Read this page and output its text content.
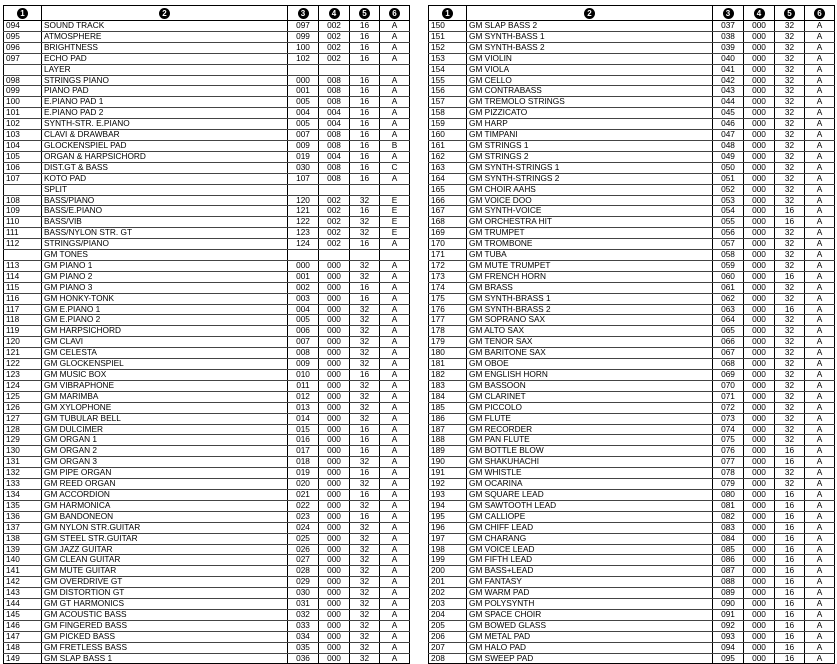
1	2	3	4	5	6
094	SOUND TRACK	097	002	16	A
095	ATMOSPHERE	099	002	16	A
096	BRIGHTNESS	100	002	16	A
097	ECHO PAD	102	002	16	A
	LAYER				
098	STRINGS PIANO	000	008	16	A
099	PIANO PAD	001	008	16	A
100	E.PIANO PAD 1	005	008	16	A
101	E.PIANO PAD 2	004	004	16	A
102	SYNTH-STR. E.PIANO	005	004	16	A
103	CLAVI & DRAWBAR	007	008	16	A
104	GLOCKENSPIEL PAD	009	008	16	B
105	ORGAN & HARPSICHORD	019	004	16	A
106	DIST.GT & BASS	030	008	16	C
107	KOTO PAD	107	008	16	A
	SPLIT				
108	BASS/PIANO	120	002	32	E
109	BASS/E.PIANO	121	002	16	E
110	BASS/VIB	122	002	32	E
111	BASS/NYLON STR. GT	123	002	32	E
112	STRINGS/PIANO	124	002	16	A
	GM TONES				
113	GM PIANO 1	000	000	32	A
114	GM PIANO 2	001	000	32	A
115	GM PIANO 3	002	000	16	A
116	GM HONKY-TONK	003	000	16	A
117	GM E.PIANO 1	004	000	32	A
118	GM E.PIANO 2	005	000	32	A
119	GM HARPSICHORD	006	000	32	A
120	GM CLAVI	007	000	32	A
121	GM CELESTA	008	000	32	A
122	GM GLOCKENSPIEL	009	000	32	A
123	GM MUSIC BOX	010	000	16	A
124	GM VIBRAPHONE	011	000	32	A
125	GM MARIMBA	012	000	32	A
126	GM XYLOPHONE	013	000	32	A
127	GM TUBULAR BELL	014	000	32	A
128	GM DULCIMER	015	000	16	A
129	GM ORGAN 1	016	000	16	A
130	GM ORGAN 2	017	000	16	A
131	GM ORGAN 3	018	000	32	A
132	GM PIPE ORGAN	019	000	16	A
133	GM REED ORGAN	020	000	32	A
134	GM ACCORDION	021	000	16	A
135	GM HARMONICA	022	000	32	A
136	GM BANDONEON	023	000	16	A
137	GM NYLON STR.GUITAR	024	000	32	A
138	GM STEEL STR.GUITAR	025	000	32	A
139	GM JAZZ GUITAR	026	000	32	A
140	GM CLEAN GUITAR	027	000	32	A
141	GM MUTE GUITAR	028	000	32	A
142	GM OVERDRIVE GT	029	000	32	A
143	GM DISTORTION GT	030	000	32	A
144	GM GT HARMONICS	031	000	32	A
145	GM ACOUSTIC BASS	032	000	32	A
146	GM FINGERED BASS	033	000	32	A
147	GM PICKED BASS	034	000	32	A
148	GM FRETLESS BASS	035	000	32	A
149	GM SLAP BASS 1	036	000	32	A
1	2	3	4	5	6
150	GM SLAP BASS 2	037	000	32	A
151	GM SYNTH-BASS 1	038	000	32	A
152	GM SYNTH-BASS 2	039	000	32	A
153	GM VIOLIN	040	000	32	A
154	GM VIOLA	041	000	32	A
155	GM CELLO	042	000	32	A
156	GM CONTRABASS	043	000	32	A
157	GM TREMOLO STRINGS	044	000	32	A
158	GM PIZZICATO	045	000	32	A
159	GM HARP	046	000	32	A
160	GM TIMPANI	047	000	32	A
161	GM STRINGS 1	048	000	32	A
162	GM STRINGS 2	049	000	32	A
163	GM SYNTH-STRINGS 1	050	000	32	A
164	GM SYNTH-STRINGS 2	051	000	32	A
165	GM CHOIR AAHS	052	000	32	A
166	GM VOICE DOO	053	000	32	A
167	GM SYNTH-VOICE	054	000	16	A
168	GM ORCHESTRA HIT	055	000	16	A
169	GM TRUMPET	056	000	32	A
170	GM TROMBONE	057	000	32	A
171	GM TUBA	058	000	32	A
172	GM MUTE TRUMPET	059	000	32	A
173	GM FRENCH HORN	060	000	16	A
174	GM BRASS	061	000	32	A
175	GM SYNTH-BRASS 1	062	000	32	A
176	GM SYNTH-BRASS 2	063	000	16	A
177	GM SOPRANO SAX	064	000	32	A
178	GM ALTO SAX	065	000	32	A
179	GM TENOR SAX	066	000	32	A
180	GM BARITONE SAX	067	000	32	A
181	GM OBOE	068	000	32	A
182	GM ENGLISH HORN	069	000	32	A
183	GM BASSOON	070	000	32	A
184	GM CLARINET	071	000	32	A
185	GM PICCOLO	072	000	32	A
186	GM FLUTE	073	000	32	A
187	GM RECORDER	074	000	32	A
188	GM PAN FLUTE	075	000	32	A
189	GM BOTTLE BLOW	076	000	16	A
190	GM SHAKUHACHI	077	000	16	A
191	GM WHISTLE	078	000	32	A
192	GM OCARINA	079	000	32	A
193	GM SQUARE LEAD	080	000	16	A
194	GM SAWTOOTH LEAD	081	000	16	A
195	GM CALLIOPE	082	000	16	A
196	GM CHIFF LEAD	083	000	16	A
197	GM CHARANG	084	000	16	A
198	GM VOICE LEAD	085	000	16	A
199	GM FIFTH LEAD	086	000	16	A
200	GM BASS+LEAD	087	000	16	A
201	GM FANTASY	088	000	16	A
202	GM WARM PAD	089	000	16	A
203	GM POLYSYNTH	090	000	16	A
204	GM SPACE CHOIR	091	000	16	A
205	GM BOWED GLASS	092	000	16	A
206	GM METAL PAD	093	000	16	A
207	GM HALO PAD	094	000	16	A
208	GM SWEEP PAD	095	000	16	A
